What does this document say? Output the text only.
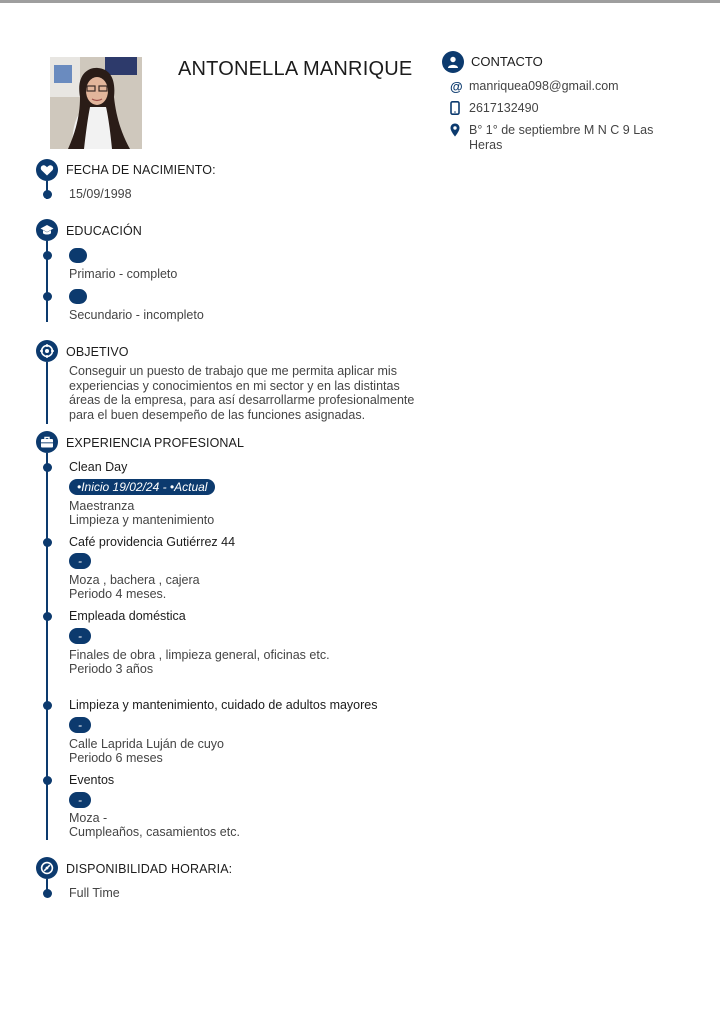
ANTONELLA MANRIQUE	CONTACTO
@ manriquea098@gmail.com
2617132490
B° 1° de septiembre M N C 9 Las
Heras
FECHA DE NACIMIENTO:
15/09/1998
EDUCACIÓN
Primario - completo
Secundario - incompleto
OBJETIVO
Conseguir un puesto de trabajo que me permita aplicar mis
experiencias y conocimientos en mi sector y en las distintas
áreas de la empresa, para así desarrollarme profesionalmente
para el buen desempeño de las funciones asignadas.
EXPERIENCIA PROFESIONAL
Clean Day
•Inicio 19/02/24 - •Actual
Maestranza
Limpieza y mantenimiento
Café providencia Gutiérrez 44
-
Moza , bachera , cajera
Periodo 4 meses.
Empleada doméstica
-
Finales de obra , limpieza general, oficinas etc.
Periodo 3 años
Limpieza y mantenimiento, cuidado de adultos mayores
-
Calle Laprida Luján de cuyo
Periodo 6 meses
Eventos
-
Moza -
Cumpleaños, casamientos etc.
DISPONIBILIDAD HORARIA:
Full Time
